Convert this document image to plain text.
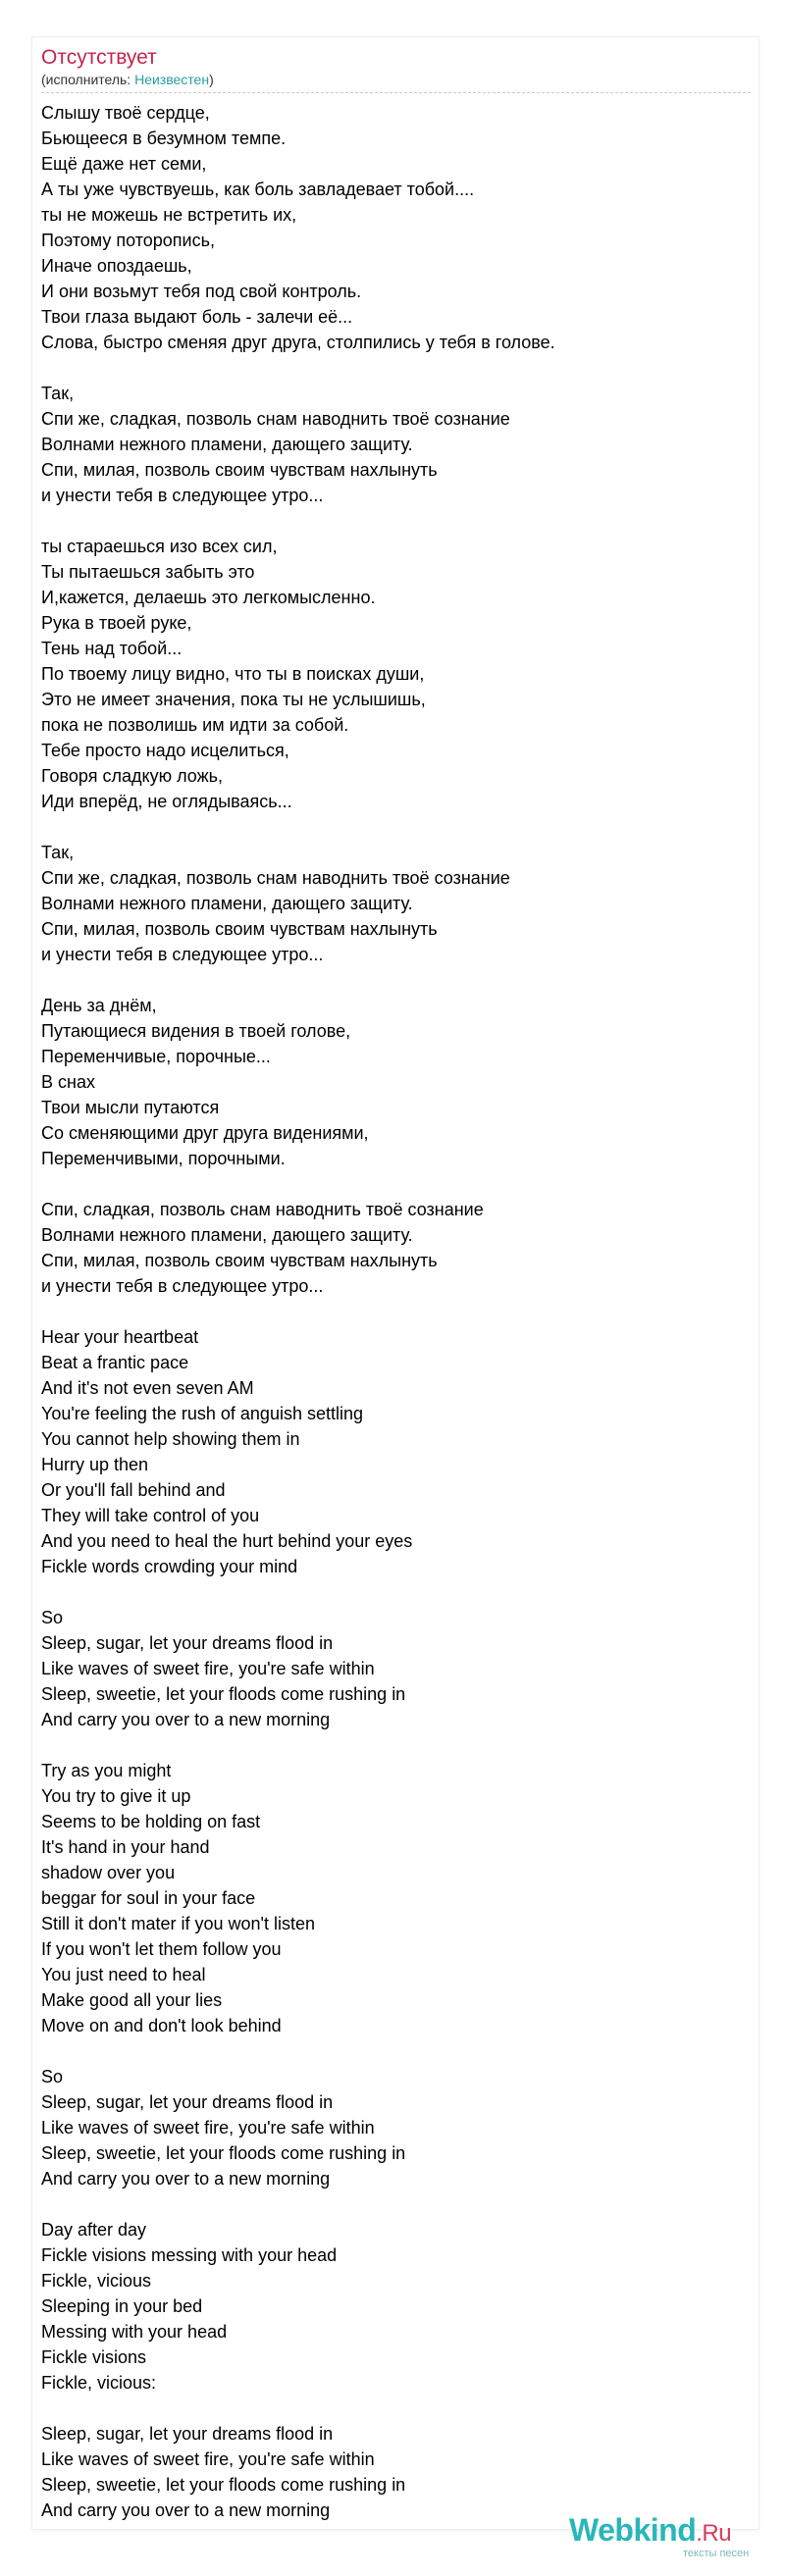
Отсутствует
(исполнитель: Неизвестен)
Слышу твоё сердце,
Бьющееся в безумном темпе.
Ещё даже нет семи,
А ты уже чувствуешь, как боль завладевает тобой....
ты не можешь не встретить их,
Поэтому поторопись,
Иначе опоздаешь,
И они возьмут тебя под свой контроль.
Твои глаза выдают боль - залечи её...
Слова, быстро сменяя друг друга, столпились у тебя в голове.

Так,
Спи же, сладкая, позволь снам наводнить твоё сознание
Волнами нежного пламени, дающего защиту.
Спи, милая, позволь своим чувствам нахлынуть
и унести тебя в следующее утро...

ты стараешься изо всех сил,
Ты пытаешься забыть это
И,кажется, делаешь это легкомысленно.
Рука в твоей руке,
Тень над тобой...
По твоему лицу видно, что ты в поисках души,
Это не имеет значения, пока ты не услышишь,
пока не позволишь им идти за собой.
Тебе просто надо исцелиться,
Говоря сладкую ложь,
Иди вперёд, не оглядываясь...

Так,
Спи же, сладкая, позволь снам наводнить твоё сознание
Волнами нежного пламени, дающего защиту.
Спи, милая, позволь своим чувствам нахлынуть
и унести тебя в следующее утро...

День за днём,
Путающиеся видения в твоей голове,
Переменчивые, порочные...
В снах
Твои мысли путаются
Со сменяющими друг друга видениями,
Переменчивыми, порочными.

Спи, сладкая, позволь снам наводнить твоё сознание
Волнами нежного пламени, дающего защиту.
Спи, милая, позволь своим чувствам нахлынуть
и унести тебя в следующее утро...

Hear your heartbeat
Beat a frantic pace
And it's not even seven AM
You're feeling the rush of anguish settling
You cannot help showing them in
Hurry up then
Or you'll fall behind and
They will take control of you
And you need to heal the hurt behind your eyes
Fickle words crowding your mind

So
Sleep, sugar, let your dreams flood in
Like waves of sweet fire, you're safe within
Sleep, sweetie, let your floods come rushing in
And carry you over to a new morning

Try as you might
You try to give it up
Seems to be holding on fast
It's hand in your hand
shadow over you
beggar for soul in your face
Still it don't mater if you won't listen
If you won't let them follow you
You just need to heal
Make good all your lies
Move on and don't look behind

So
Sleep, sugar, let your dreams flood in
Like waves of sweet fire, you're safe within
Sleep, sweetie, let your floods come rushing in
And carry you over to a new morning

Day after day
Fickle visions messing with your head
Fickle, vicious
Sleeping in your bed
Messing with your head
Fickle visions
Fickle, vicious:

Sleep, sugar, let your dreams flood in
Like waves of sweet fire, you're safe within
Sleep, sweetie, let your floods come rushing in
And carry you over to a new morning
Webkind.Ru
тексты песен
